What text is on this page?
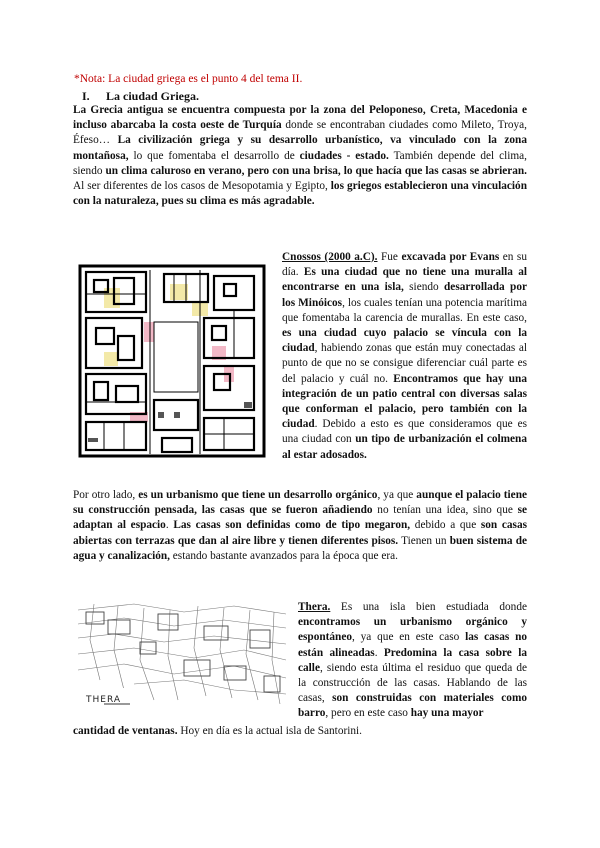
*Nota: La ciudad griega es el punto 4 del tema II.

I. La ciudad Griega.

La Grecia antigua se encuentra compuesta por la zona del Peloponeso, Creta, Macedonia e incluso abarcaba la costa oeste de Turquía donde se encontraban ciudades como Mileto, Troya, Éfeso… La civilización griega y su desarrollo urbanístico, va vinculado con la zona montañosa, lo que fomentaba el desarrollo de ciudades - estado. También depende del clima, siendo un clima caluroso en verano, pero con una brisa, lo que hacía que las casas se abrieran. Al ser diferentes de los casos de Mesopotamia y Egipto, los griegos establecieron una vinculación con la naturaleza, pues su clima es más agradable.

Cnossos (2000 a.C). Fue excavada por Evans en su día. Es una ciudad que no tiene una muralla al encontrarse en una isla, siendo desarrollada por los Minóicos, los cuales tenían una potencia marítima que fomentaba la carencia de murallas. En este caso, es una ciudad cuyo palacio se víncula con la ciudad, habiendo zonas que están muy conectadas al punto de que no se consigue diferenciar cuál parte es del palacio y cuál no. Encontramos que hay una integración de un patio central con diversas salas que conforman el palacio, pero también con la ciudad. Debido a esto es que consideramos que es una ciudad con un tipo de urbanización el colmena al estar adosados.

Por otro lado, es un urbanismo que tiene un desarrollo orgánico, ya que aunque el palacio tiene su construcción pensada, las casas que se fueron añadiendo no tenían una idea, sino que se adaptan al espacio. Las casas son definidas como de tipo megaron, debido a que son casas abiertas con terrazas que dan al aire libre y tienen diferentes pisos. Tienen un buen sistema de agua y canalización, estando bastante avanzados para la época que era.

THERA

Thera. Es una isla bien estudiada donde encontramos un urbanismo orgánico y espontáneo, ya que en este caso las casas no están alineadas. Predomina la casa sobre la calle, siendo esta última el residuo que queda de la construcción de las casas. Hablando de las casas, son construidas con materiales como barro, pero en este caso hay una mayor

cantidad de ventanas. Hoy en día es la actual isla de Santorini.
